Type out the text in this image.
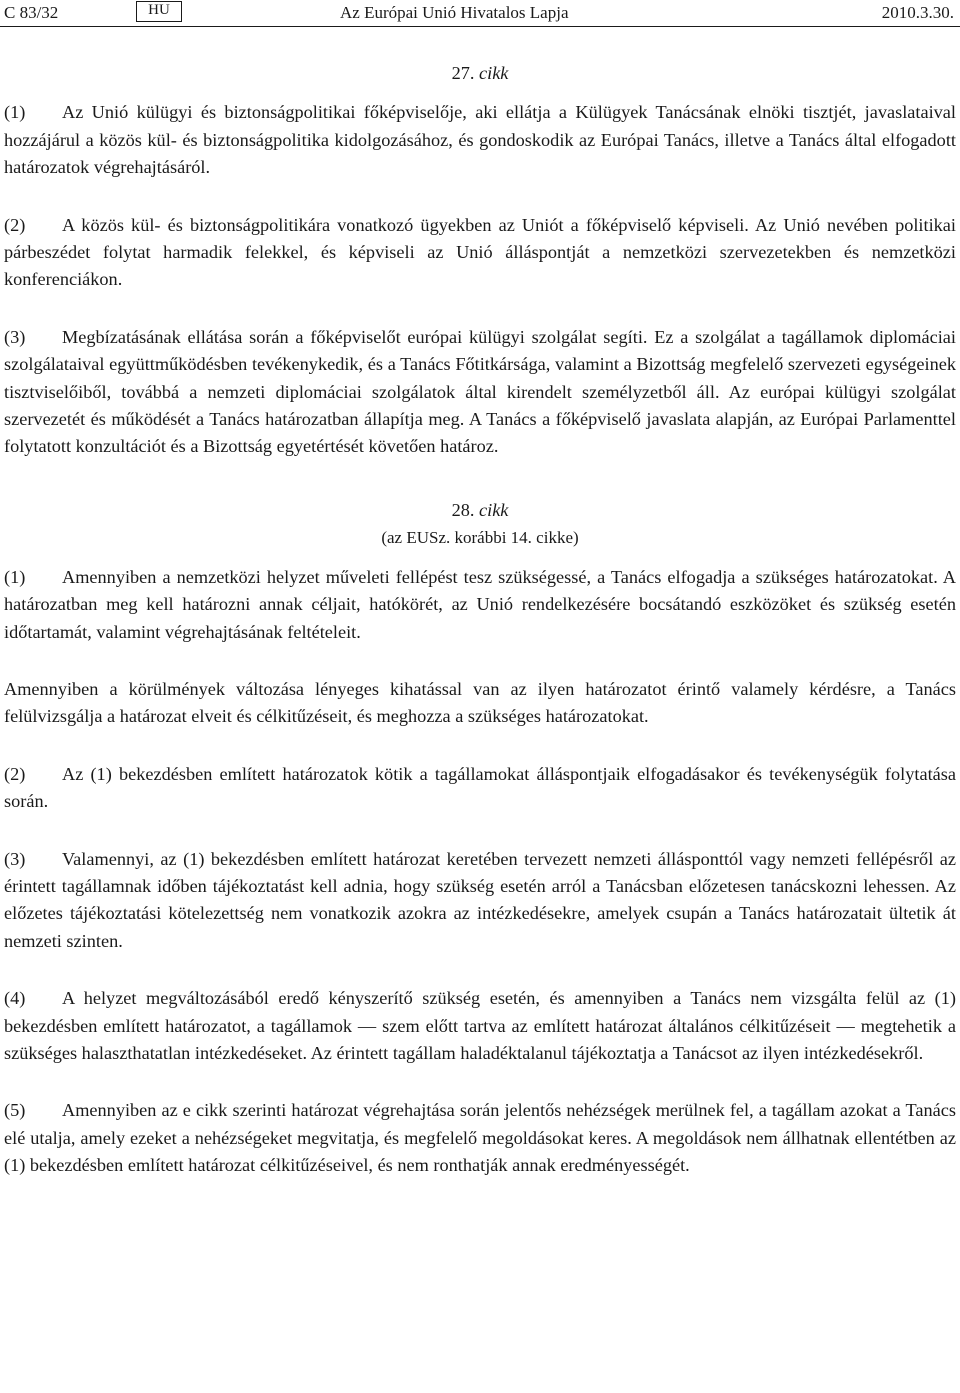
C 83/32	HU	Az Európai Unió Hivatalos Lapja	2010.3.30.

27. cikk

(1) Az Unió külügyi és biztonságpolitikai főképviselője, aki ellátja a Külügyek Tanácsának elnöki tisztjét, javaslataival hozzájárul a közös kül- és biztonságpolitika kidolgozásához, és gondoskodik az Európai Tanács, illetve a Tanács által elfogadott határozatok végrehajtásáról.

(2) A közös kül- és biztonságpolitikára vonatkozó ügyekben az Uniót a főképviselő képviseli. Az Unió nevében politikai párbeszédet folytat harmadik felekkel, és képviseli az Unió álláspontját a nemzetközi szervezetekben és nemzetközi konferenciákon.

(3) Megbízatásának ellátása során a főképviselőt európai külügyi szolgálat segíti. Ez a szolgálat a tagállamok diplomáciai szolgálataival együttműködésben tevékenykedik, és a Tanács Főtitkársága, valamint a Bizottság megfelelő szervezeti egységeinek tisztviselőiből, továbbá a nemzeti diplomáciai szolgálatok által kirendelt személyzetből áll. Az európai külügyi szolgálat szervezetét és működését a Tanács határozatban állapítja meg. A Tanács a főképviselő javaslata alapján, az Európai Parlamenttel folytatott konzultációt és a Bizottság egyetértését követően határoz.

28. cikk

(az EUSz. korábbi 14. cikke)

(1) Amennyiben a nemzetközi helyzet műveleti fellépést tesz szükségessé, a Tanács elfogadja a szükséges határozatokat. A határozatban meg kell határozni annak céljait, hatókörét, az Unió rendelkezésére bocsátandó eszközöket és szükség esetén időtartamát, valamint végrehajtásának feltételeit.

Amennyiben a körülmények változása lényeges kihatással van az ilyen határozatot érintő valamely kérdésre, a Tanács felülvizsgálja a határozat elveit és célkitűzéseit, és meghozza a szükséges határozatokat.

(2) Az (1) bekezdésben említett határozatok kötik a tagállamokat álláspontjaik elfogadásakor és tevékenységük folytatása során.

(3) Valamennyi, az (1) bekezdésben említett határozat keretében tervezett nemzeti állásponttól vagy nemzeti fellépésről az érintett tagállamnak időben tájékoztatást kell adnia, hogy szükség esetén arról a Tanácsban előzetesen tanácskozni lehessen. Az előzetes tájékoztatási kötelezettség nem vonatkozik azokra az intézkedésekre, amelyek csupán a Tanács határozatait ültetik át nemzeti szinten.

(4) A helyzet megváltozásából eredő kényszerítő szükség esetén, és amennyiben a Tanács nem vizsgálta felül az (1) bekezdésben említett határozatot, a tagállamok — szem előtt tartva az említett határozat általános célkitűzéseit — megtehetik a szükséges halaszthatatlan intézkedéseket. Az érintett tagállam haladéktalanul tájékoztatja a Tanácsot az ilyen intézkedésekről.

(5) Amennyiben az e cikk szerinti határozat végrehajtása során jelentős nehézségek merülnek fel, a tagállam azokat a Tanács elé utalja, amely ezeket a nehézségeket megvitatja, és megfelelő megoldásokat keres. A megoldások nem állhatnak ellentétben az (1) bekezdésben említett határozat célkitűzéseivel, és nem ronthatják annak eredményességét.
